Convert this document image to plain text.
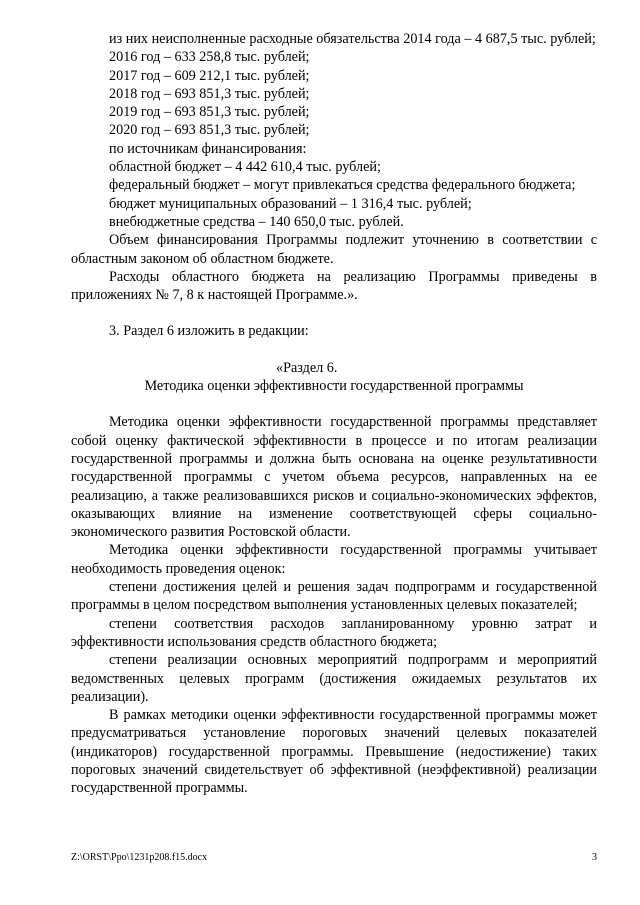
из них неисполненные расходные обязательства 2014 года – 4 687,5 тыс. рублей;

2016 год – 633 258,8 тыс. рублей;

2017 год – 609 212,1 тыс. рублей;

2018 год – 693 851,3 тыс. рублей;

2019 год – 693 851,3 тыс. рублей;

2020 год – 693 851,3 тыс. рублей;

по источникам финансирования:

областной бюджет – 4 442 610,4 тыс. рублей;

федеральный бюджет – могут привлекаться средства федерального бюджета;

бюджет муниципальных образований – 1 316,4 тыс. рублей;

внебюджетные средства – 140 650,0 тыс. рублей.

Объем финансирования Программы подлежит уточнению в соответствии с областным законом об областном бюджете.

Расходы областного бюджета на реализацию Программы приведены в приложениях № 7, 8 к настоящей Программе.».

3. Раздел 6 изложить в редакции:

«Раздел 6.

Методика оценки эффективности государственной программы

Методика оценки эффективности государственной программы представляет собой оценку фактической эффективности в процессе и по итогам реализации государственной программы и должна быть основана на оценке результативности государственной программы с учетом объема ресурсов, направленных на ее реализацию, а также реализовавшихся рисков и социально-экономических эффектов, оказывающих влияние на изменение соответствующей сферы социально-экономического развития Ростовской области.

Методика оценки эффективности государственной программы учитывает необходимость проведения оценок:

степени достижения целей и решения задач подпрограмм и государственной программы в целом посредством выполнения установленных целевых показателей;

степени соответствия расходов запланированному уровню затрат и эффективности использования средств областного бюджета;

степени реализации основных мероприятий подпрограмм и мероприятий ведомственных целевых программ (достижения ожидаемых результатов их реализации).

В рамках методики оценки эффективности государственной программы может предусматриваться установление пороговых значений целевых показателей (индикаторов) государственной программы. Превышение (недостижение) таких пороговых значений свидетельствует об эффективной (неэффективной) реализации государственной программы.

Z:\ORST\Ppo\1231p208.f15.docx	3
